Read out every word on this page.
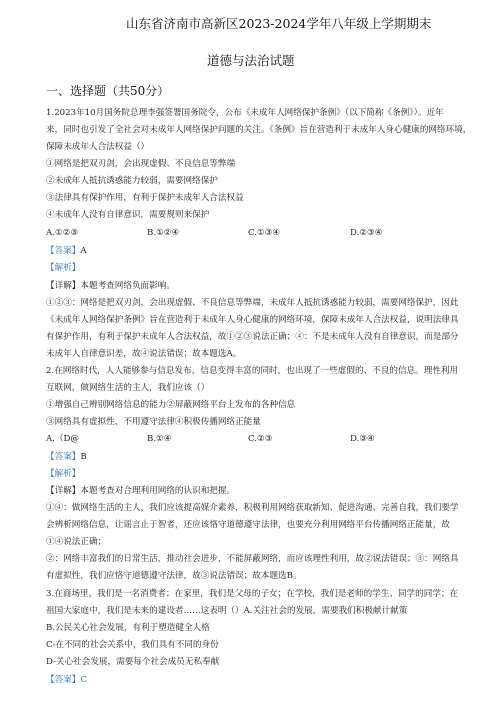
山东省济南市高新区2023-2024学年八年级上学期期末
道德与法治试题
一、选择题（共50分）
1.2023年10月国务院总理李强签署国务院令，公布《未成年人网络保护条例》（以下简称《条例》）。近年
来，同时也引发了全社会对未成年人网络保护问题的关注。《条例》旨在营造利于未成年人身心健康的网络环境，
保障未成年人合法权益（）
①网络是把双刃剑，会出现虚假、不良信息等弊端
②未成年人抵抗诱惑能力较弱，需要网络保护
③法律具有保护作用，有利于保护未成年人合法权益
④未成年人没有自律意识，需要规则来保护
A.①②③	B.①②④	C.①③④	D.②③④
【答案】A
【解析】
【详解】本题考查网络负面影响。
①②③：网络是把双刃剑，会出现虚假、不良信息等弊端，未成年人抵抗诱惑能力较弱，需要网络保护，因此
《未成年人网络保护条例》旨在营造利于未成年人身心健康的网络环境，保障未成年人合法权益，说明法律具
有保护作用，有利于保护未成年人合法权益，故①②③说法正确；④：不是未成年人没有自律意识，而是部分
未成年人自律意识差，故④说法错误；故本题选A。
2.在网络时代，人人能够参与信息发布，信息变得丰富的同时，也出现了一些虚假的、不良的信息。理性利用
互联网，做网络生活的主人，我们应该（）
①增强自己辨别网络信息的能力②屏蔽网络平台上发布的各种信息
③网络具有虚拟性，不用遵守法律④积极传播网络正能量
A.（D@	B.①④	C.②③	D.③④
【答案】B
【解析】
【详解】本题考查对合理利用网络的认识和把握。
①④：做网络生活的主人，我们应该提高媒介素养，积极利用网络获取新知、促进沟通、完善自我，我们要学
会辨析网络信息，让谣言止于智者，还应该恪守道德遵守法律，也要充分利用网络平台传播网络正能量，故
①④说法正确；
②：网络丰富我们的日常生活，推动社会进步，不能屏蔽网络，而应该理性利用，故②说法错误；③：网络具
有虚拟性，我们应恪守道德遵守法律，故③说法错误；故本题选B。
3.在商场里，我们是一名消费者；在家里，我们是父母的子女；在学校，我们是老师的学生、同学的同学；在
祖国大家庭中，我们是未来的建设者……这表明（）A.关注社会的发展，需要我们积极献计献策
B.公民关心社会发展，有利于塑造健全人格
C-在不同的社会关系中，我们具有不同的身份
D-关心社会发展，需要每个社会成员无私奉献
【答案】C
